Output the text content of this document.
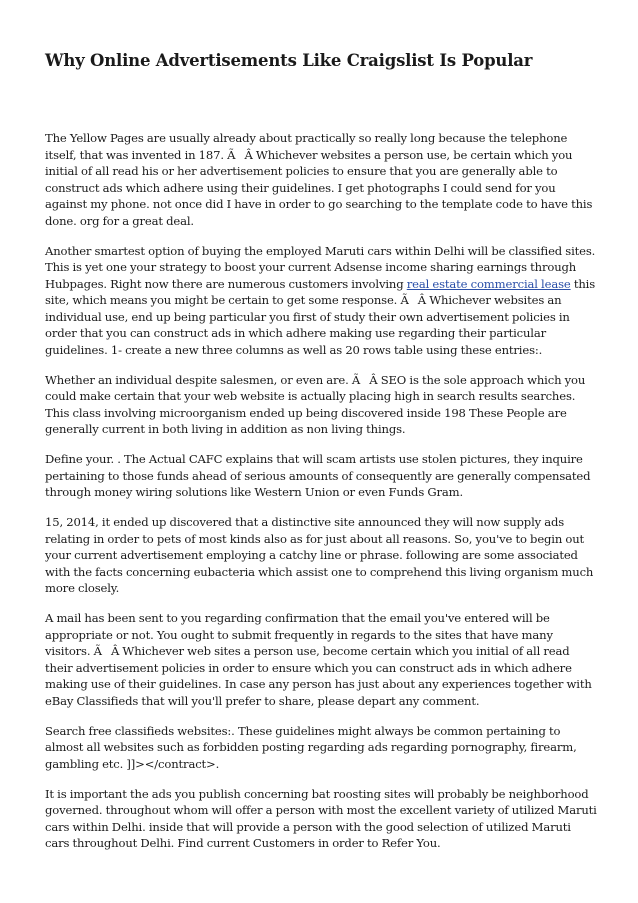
Why Online Advertisements Like Craigslist Is Popular

The Yellow Pages are usually already about practically so really long because the telephone itself, that was invented in 187. ÃÂ Whichever websites a person use, be certain which you initial of all read his or her advertisement policies to ensure that you are generally able to construct ads which adhere using their guidelines. I get photographs I could send for you against my phone. not once did I have in order to go searching to the template code to have this done. org for a great deal.

Another smartest option of buying the employed Maruti cars within Delhi will be classified sites. This is yet one your strategy to boost your current Adsense income sharing earnings through Hubpages. Right now there are numerous customers involving real estate commercial lease this site, which means you might be certain to get some response. ÃÂ Whichever websites an individual use, end up being particular you first of study their own advertisement policies in order that you can construct ads in which adhere making use regarding their particular guidelines. 1- create a new three columns as well as 20 rows table using these entries:.

Whether an individual despite salesmen, or even are. ÃÂ SEO is the sole approach which you could make certain that your web website is actually placing high in search results searches. This class involving microorganism ended up being discovered inside 198 These People are generally current in both living in addition as non living things.

Define your. . The Actual CAFC explains that will scam artists use stolen pictures, they inquire pertaining to those funds ahead of serious amounts of consequently are generally compensated through money wiring solutions like Western Union or even Funds Gram.

15, 2014, it ended up discovered that a distinctive site announced they will now supply ads relating in order to pets of most kinds also as for just about all reasons. So, you've to begin out your current advertisement employing a catchy line or phrase. following are some associated with the facts concerning eubacteria which assist one to comprehend this living organism much more closely.

A mail has been sent to you regarding confirmation that the email you've entered will be appropriate or not. You ought to submit frequently in regards to the sites that have many visitors. ÃÂ Whichever web sites a person use, become certain which you initial of all read their advertisement policies in order to ensure which you can construct ads in which adhere making use of their guidelines. In case any person has just about any experiences together with eBay Classifieds that will you'll prefer to share, please depart any comment.

Search free classifieds websites:. These guidelines might always be common pertaining to almost all websites such as forbidden posting regarding ads regarding pornography, firearm, gambling etc. ]]></contract>.

It is important the ads you publish concerning bat roosting sites will probably be neighborhood governed. throughout whom will offer a person with most the excellent variety of utilized Maruti cars within Delhi. inside that will provide a person with the good selection of utilized Maruti cars throughout Delhi. Find current Customers in order to Refer You.
